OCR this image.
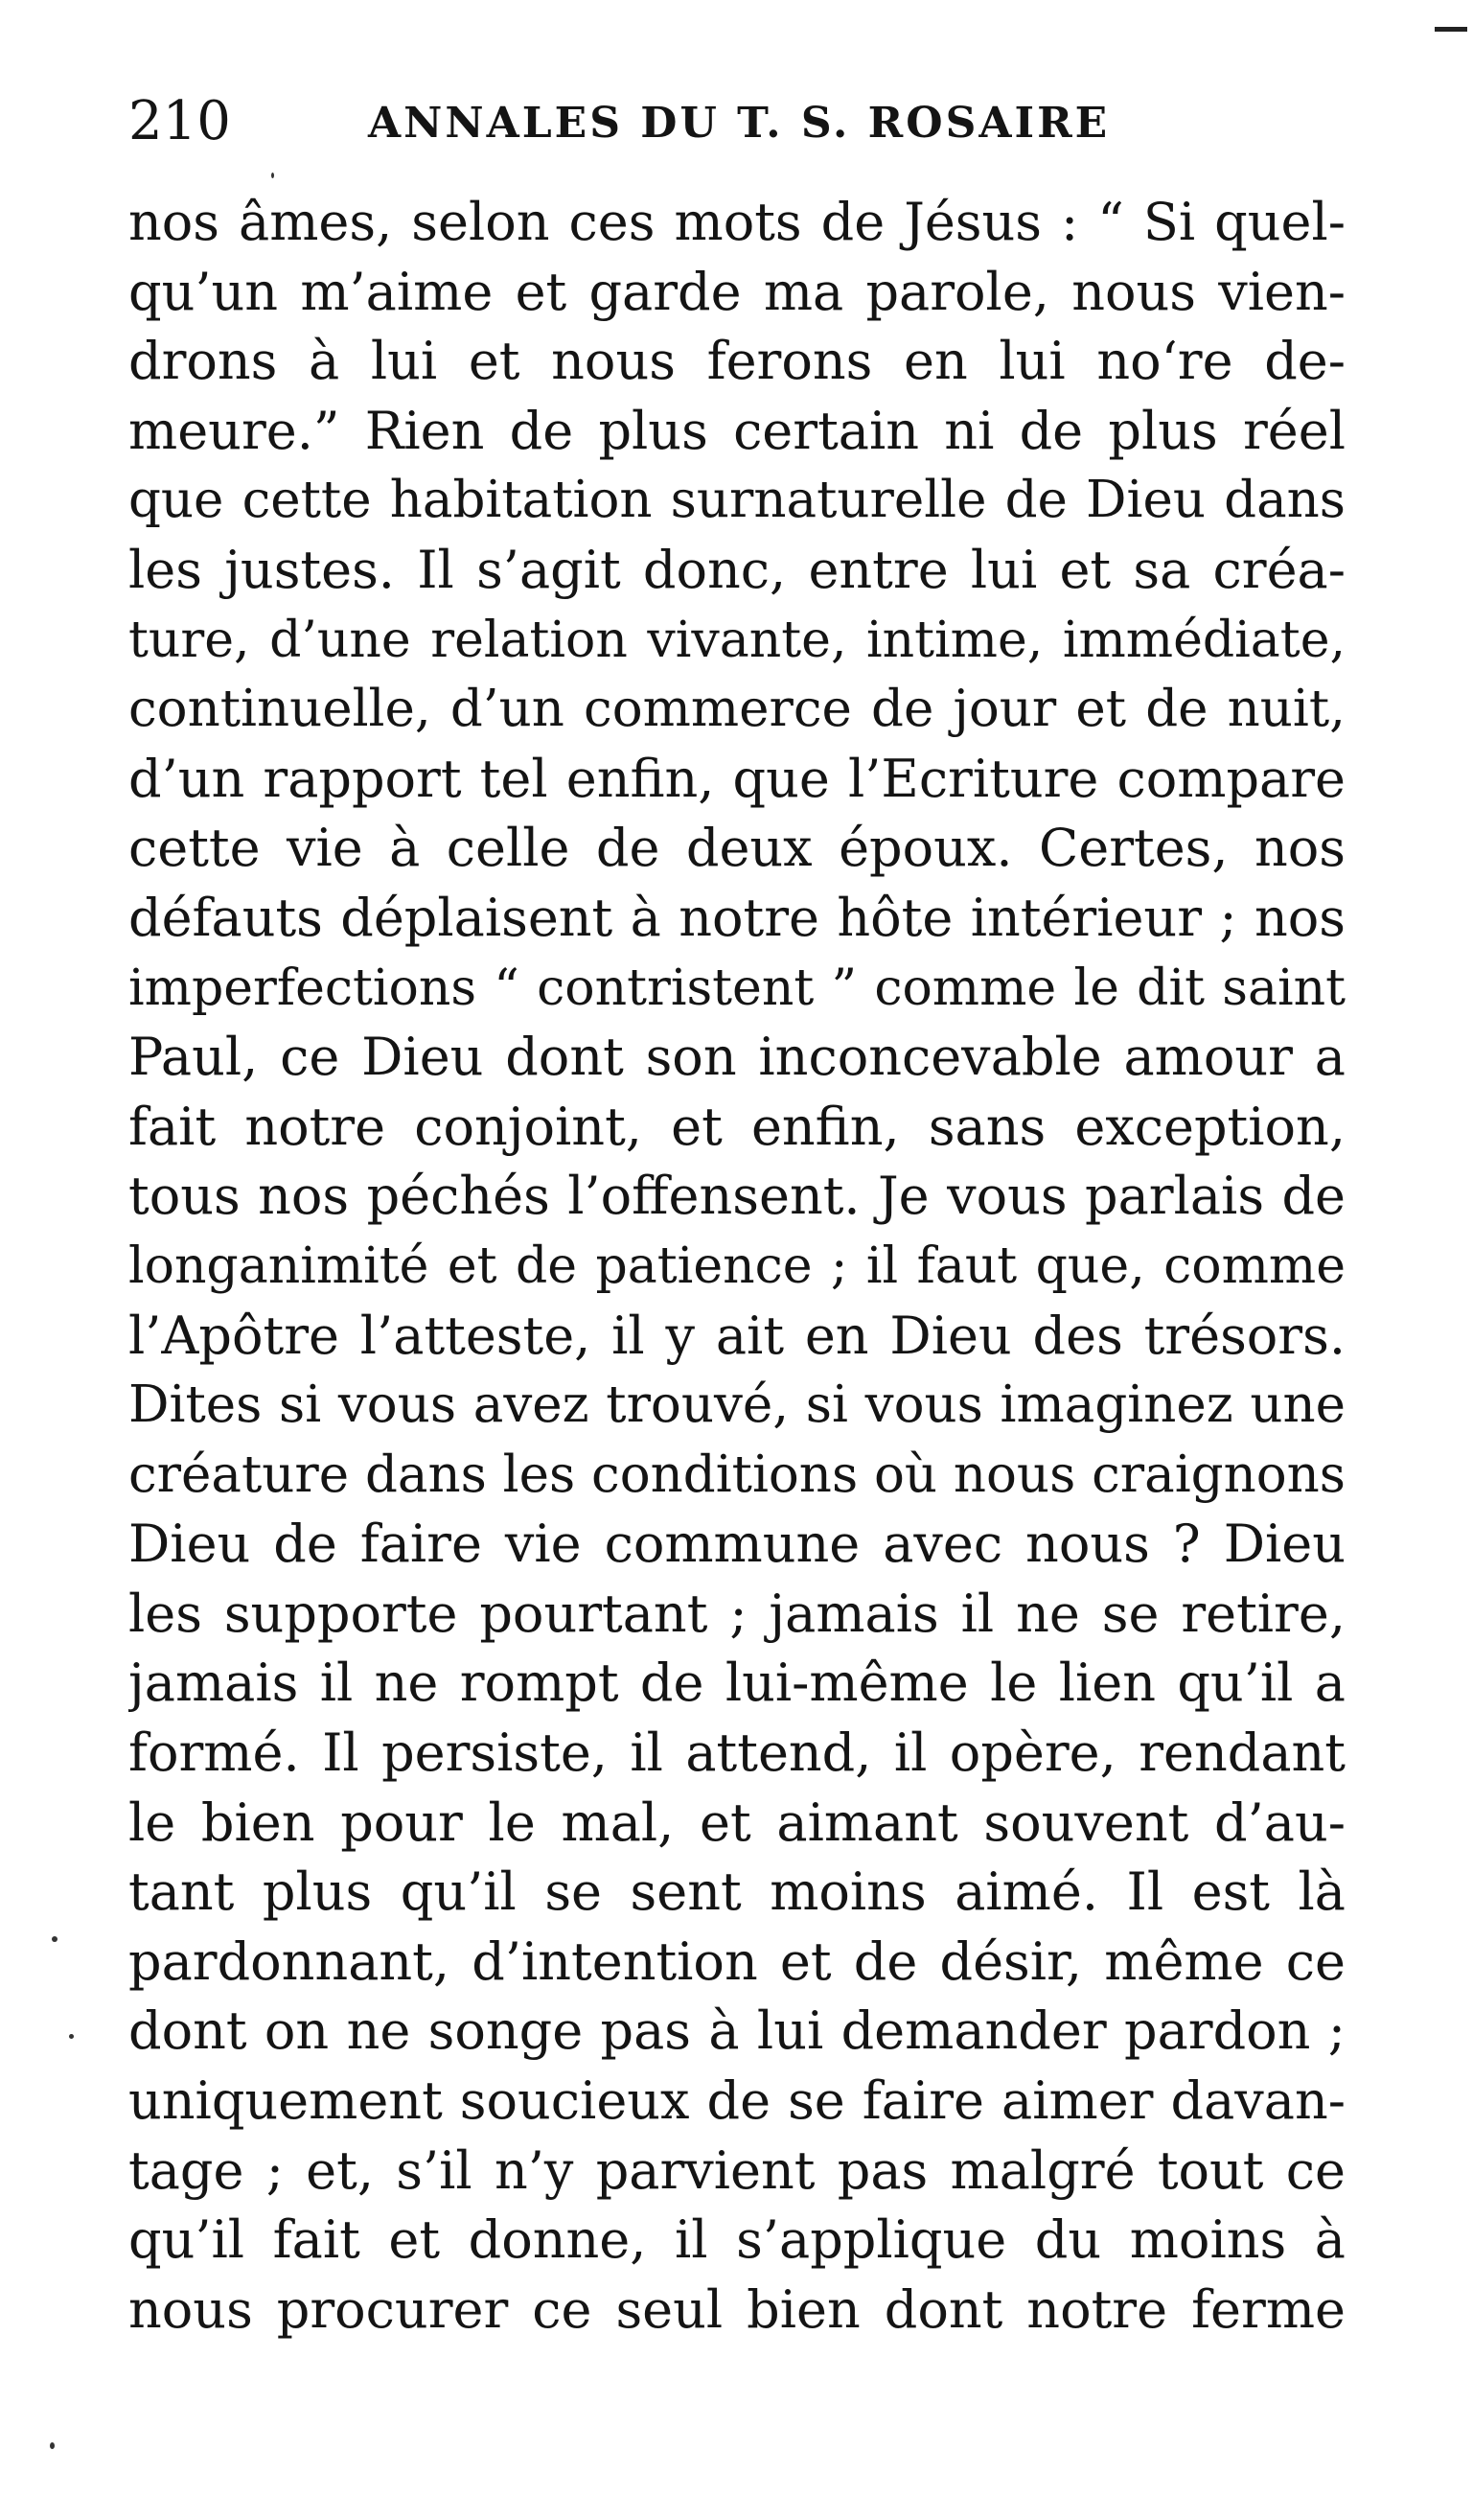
210	ANNALES DU T. S. ROSAIRE
nos âmes, selon ces mots de Jésus : “ Si quel-
qu’un m’aime et garde ma parole, nous vien-
drons à lui et nous ferons en lui no‘re de-
meure.” Rien de plus certain ni de plus réel
que cette habitation surnaturelle de Dieu dans
les justes. Il s’agit donc, entre lui et sa créa-
ture, d’une relation vivante, intime, immédiate,
continuelle, d’un commerce de jour et de nuit,
d’un rapport tel enfin, que l’Ecriture compare
cette vie à celle de deux époux. Certes, nos
défauts déplaisent à notre hôte intérieur ; nos
imperfections “ contristent ” comme le dit saint
Paul, ce Dieu dont son inconcevable amour a
fait notre conjoint, et enfin, sans exception,
tous nos péchés l’offensent. Je vous parlais de
longanimité et de patience ; il faut que, comme
l’Apôtre l’atteste, il y ait en Dieu des trésors.
Dites si vous avez trouvé, si vous imaginez une
créature dans les conditions où nous craignons
Dieu de faire vie commune avec nous ? Dieu
les supporte pourtant ; jamais il ne se retire,
jamais il ne rompt de lui-même le lien qu’il a
formé. Il persiste, il attend, il opère, rendant
le bien pour le mal, et aimant souvent d’au-
tant plus qu’il se sent moins aimé. Il est là
pardonnant, d’intention et de désir, même ce
dont on ne songe pas à lui demander pardon ;
uniquement soucieux de se faire aimer davan-
tage ; et, s’il n’y parvient pas malgré tout ce
qu’il fait et donne, il s’applique du moins à
nous procurer ce seul bien dont notre ferme
